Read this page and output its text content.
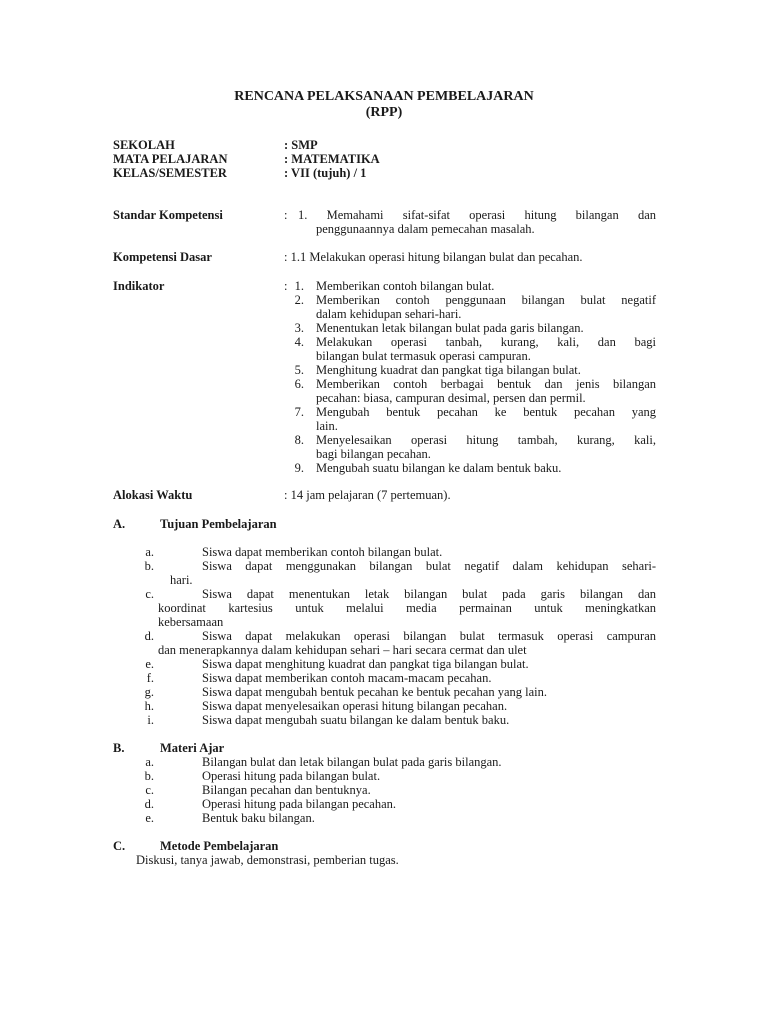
RENCANA PELAKSANAAN PEMBELAJARAN
(RPP)
SEKOLAH	: SMP
MATA PELAJARAN	: MATEMATIKA
KELAS/SEMESTER	: VII (tujuh) / 1
Standar Kompetensi	: 1. Memahami sifat-sifat operasi hitung bilangan dan
penggunaannya dalam pemecahan masalah.
Kompetensi Dasar	: 1.1 Melakukan operasi hitung bilangan bulat dan pecahan.
Indikator	: 1. Memberikan contoh bilangan bulat.
2. Memberikan contoh penggunaan bilangan bulat negatif
dalam kehidupan sehari-hari.
3. Menentukan letak bilangan bulat pada garis bilangan.
4. Melakukan operasi tanbah, kurang, kali, dan bagi
bilangan bulat termasuk operasi campuran.
5. Menghitung kuadrat dan pangkat tiga bilangan bulat.
6. Memberikan contoh berbagai bentuk dan jenis bilangan
pecahan: biasa, campuran desimal, persen dan permil.
7. Mengubah bentuk pecahan ke bentuk pecahan yang
lain.
8. Menyelesaikan operasi hitung tambah, kurang, kali,
bagi bilangan pecahan.
9. Mengubah suatu bilangan ke dalam bentuk baku.
Alokasi Waktu	: 14 jam pelajaran (7 pertemuan).
A.	Tujuan Pembelajaran
a.	Siswa dapat memberikan contoh bilangan bulat.
b.	Siswa dapat menggunakan bilangan bulat negatif dalam kehidupan sehari-
hari.
c.	Siswa dapat menentukan letak bilangan bulat pada garis bilangan dan
koordinat kartesius untuk melalui media permainan untuk meningkatkan
kebersamaan
d.	Siswa dapat melakukan operasi bilangan bulat termasuk operasi campuran
dan menerapkannya dalam kehidupan sehari – hari secara cermat dan ulet
e.	Siswa dapat menghitung kuadrat dan pangkat tiga bilangan bulat.
f.	Siswa dapat memberikan contoh macam-macam pecahan.
g.	Siswa dapat mengubah bentuk pecahan ke bentuk pecahan yang lain.
h.	Siswa dapat menyelesaikan operasi hitung bilangan pecahan.
i.	Siswa dapat mengubah suatu bilangan ke dalam bentuk baku.
B.	Materi Ajar
a.	Bilangan bulat dan letak bilangan bulat pada garis bilangan.
b.	Operasi hitung pada bilangan bulat.
c.	Bilangan pecahan dan bentuknya.
d.	Operasi hitung pada bilangan pecahan.
e.	Bentuk baku bilangan.
C.	Metode Pembelajaran
Diskusi, tanya jawab, demonstrasi, pemberian tugas.
